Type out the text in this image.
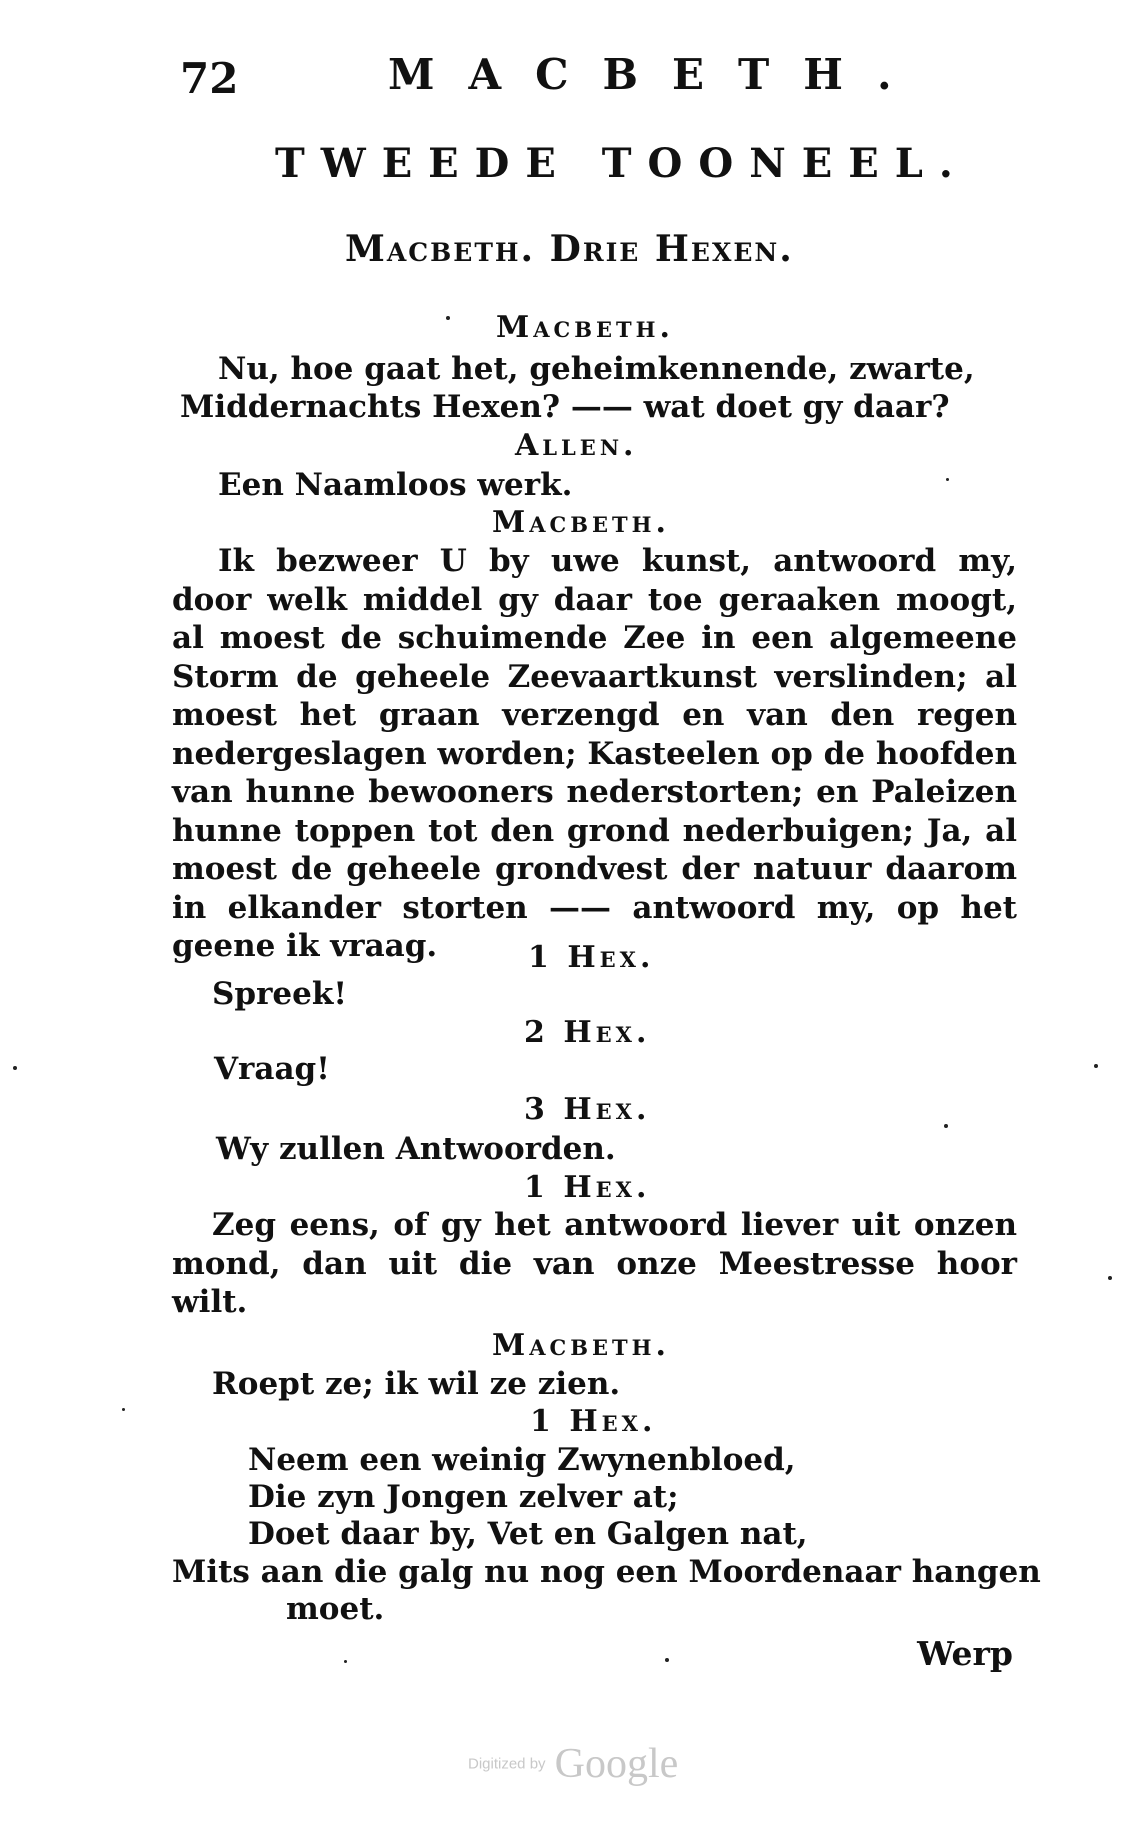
72	MACBETH.
TWEEDE TOONEEL.
Macbeth. Drie Hexen.
Macbeth.
Nu, hoe gaat het, geheimkennende, zwarte,
Middernachts Hexen? —— wat doet gy daar?
Allen.
Een Naamloos werk.
Macbeth.
Ik bezweer U by uwe kunst, antwoord my, door welk middel gy daar toe geraaken moogt, al moest de schuimende Zee in een algemeene Storm de geheele Zeevaartkunst verslinden; al moest het graan verzengd en van den regen nedergeslagen worden; Kasteelen op de hoofden van hunne bewooners nederstorten; en Paleizen hunne toppen tot den grond nederbuigen; Ja, al moest de geheele grondvest der natuur daarom in elkander storten —— antwoord my, op het geene ik vraag.	1 Hex.
Spreek!
2 Hex.
Vraag!
3 Hex.
Wy zullen Antwoorden.
1 Hex.
Zeg eens, of gy het antwoord liever uit onzen mond, dan uit die van onze Meestresse hoor wilt.
Macbeth.
Roept ze; ik wil ze zien.
1 Hex.
Neem een weinig Zwynenbloed,
Die zyn Jongen zelver at;
Doet daar by, Vet en Galgen nat,
Mits aan die galg nu nog een Moordenaar hangen
moet.
Werp
Digitized by Google
